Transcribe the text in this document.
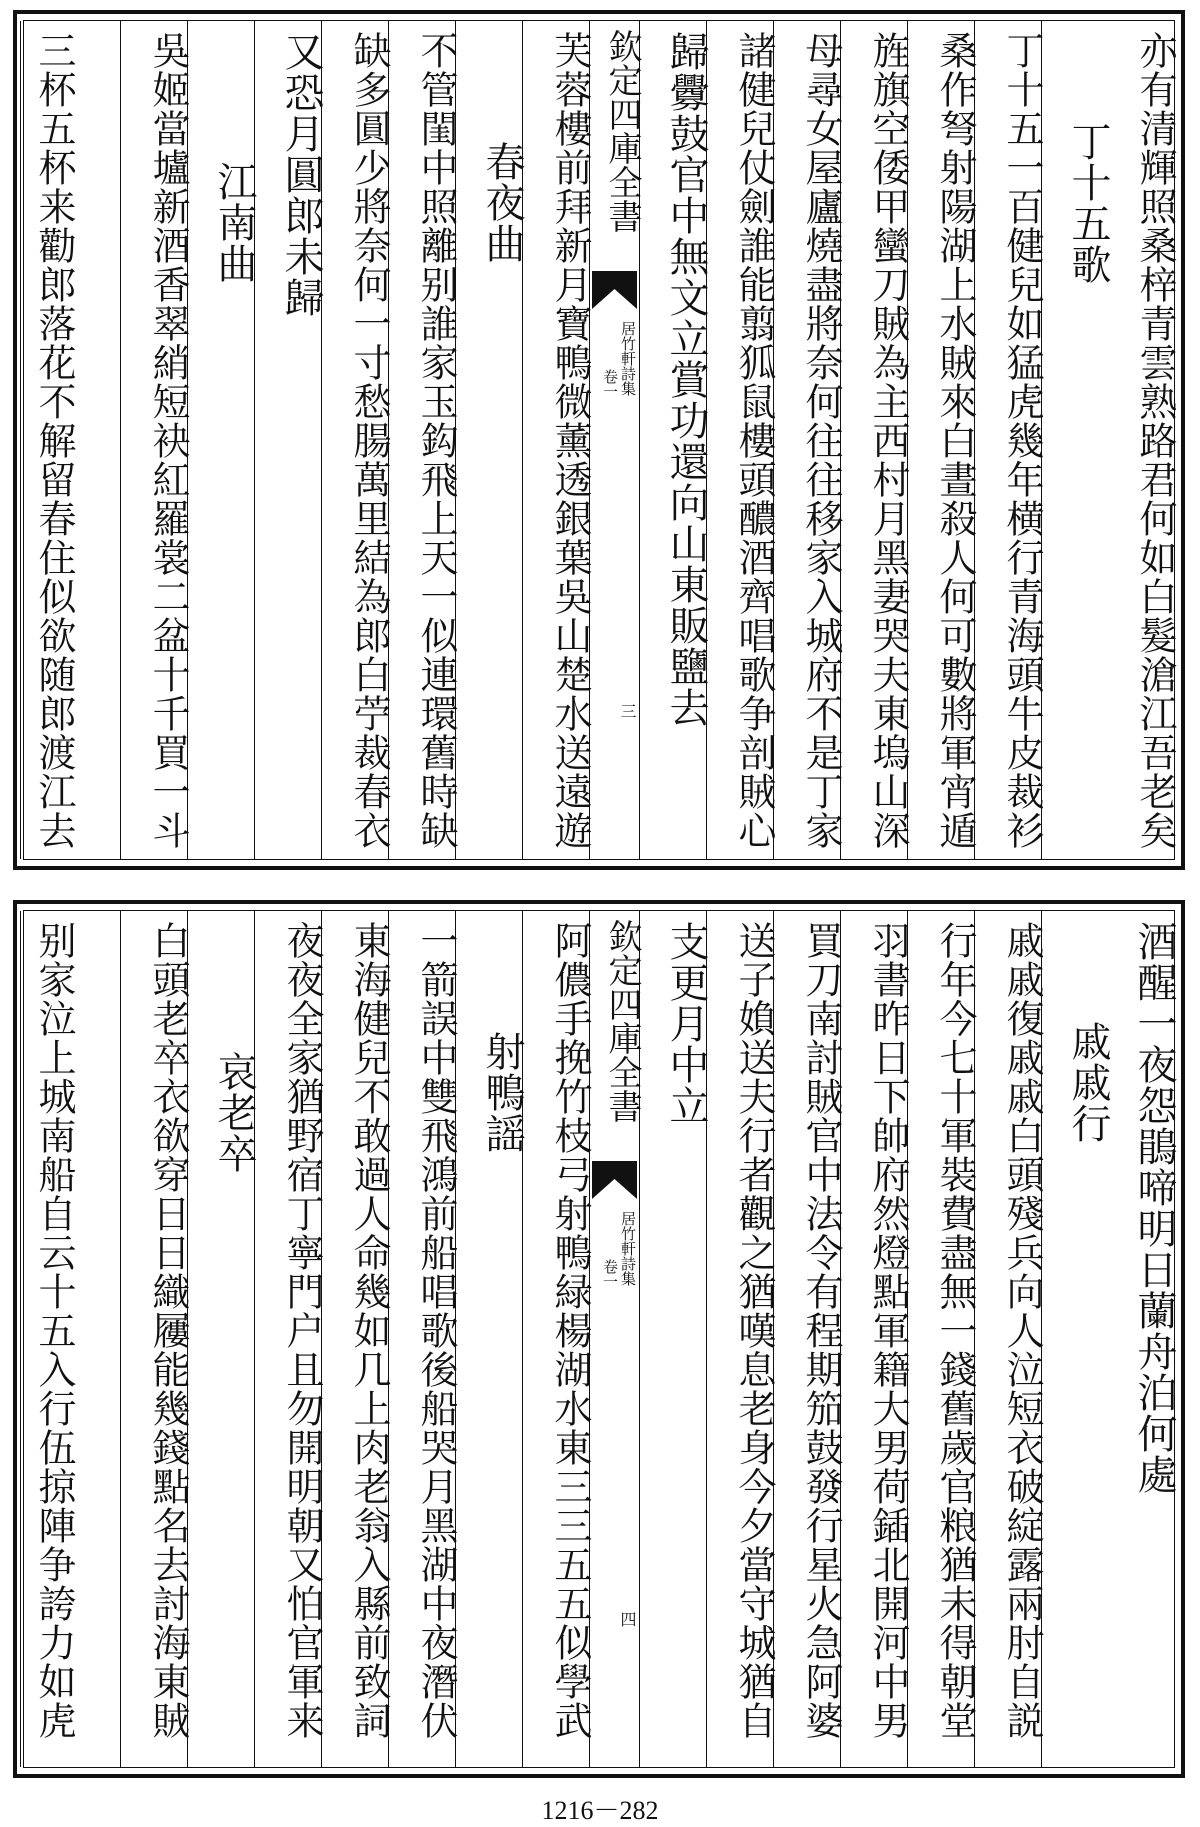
亦有清輝照桑梓青雲熟路君何如白髮滄江吾老矣
丁十五歌
丁十五一百健兒如猛虎幾年横行青海頭牛皮裁衫
桑作弩射陽湖上水賊來白晝殺人何可數將軍宵遁
旌旗空倭甲蠻刀賊為主西村月黑妻哭夫東塢山深
母尋女屋廬燒盡將奈何往往移家入城府不是丁家
諸健兒仗劍誰能翦狐鼠樓頭醲酒齊唱歌争剖賊心
歸釁鼓官中無文立賞功還向山東販鹽去
欽定四庫全書
居竹軒詩集
卷一
三
芙蓉樓前拜新月寶鴨微薰透銀葉吳山楚水送遠遊
春夜曲
不管閨中照離别誰家玉鈎飛上天一似連環舊時缺
缺多圓少將奈何一寸愁腸萬里結為郎白苧裁春衣
又恐月圓郎未歸
江南曲
吳姬當壚新酒香翠綃短袂紅羅裳二盆十千買一斗
三杯五杯来勸郎落花不解留春住似欲随郎渡江去
酒醒一夜怨鵑啼明日蘭舟泊何處
戚戚行
戚戚復戚戚白頭殘兵向人泣短衣破綻露兩肘自説
行年今七十軍裝費盡無一錢舊歲官粮猶未得朝堂
羽書昨日下帥府然燈點軍籍大男荷鍤北開河中男
買刀南討賊官中法令有程期笳鼓發行星火急阿婆
送子媍送夫行者觀之猶嘆息老身今夕當守城猶自
支更月中立
欽定四庫全書
居竹軒詩集
卷一
四
阿儂手挽竹枝弓射鴨緑楊湖水東三三五五似學武
射鴨謡
一箭誤中雙飛鴻前船唱歌後船哭月黑湖中夜潛伏
東海健兒不敢過人命幾如几上肉老翁入縣前致詞
夜夜全家猶野宿丁寧門户且勿開明朝又怕官軍来
哀老卒
白頭老卒衣欲穿日日織屨能幾錢點名去討海東賊
别家泣上城南船自云十五入行伍掠陣争誇力如虎
1216－282
